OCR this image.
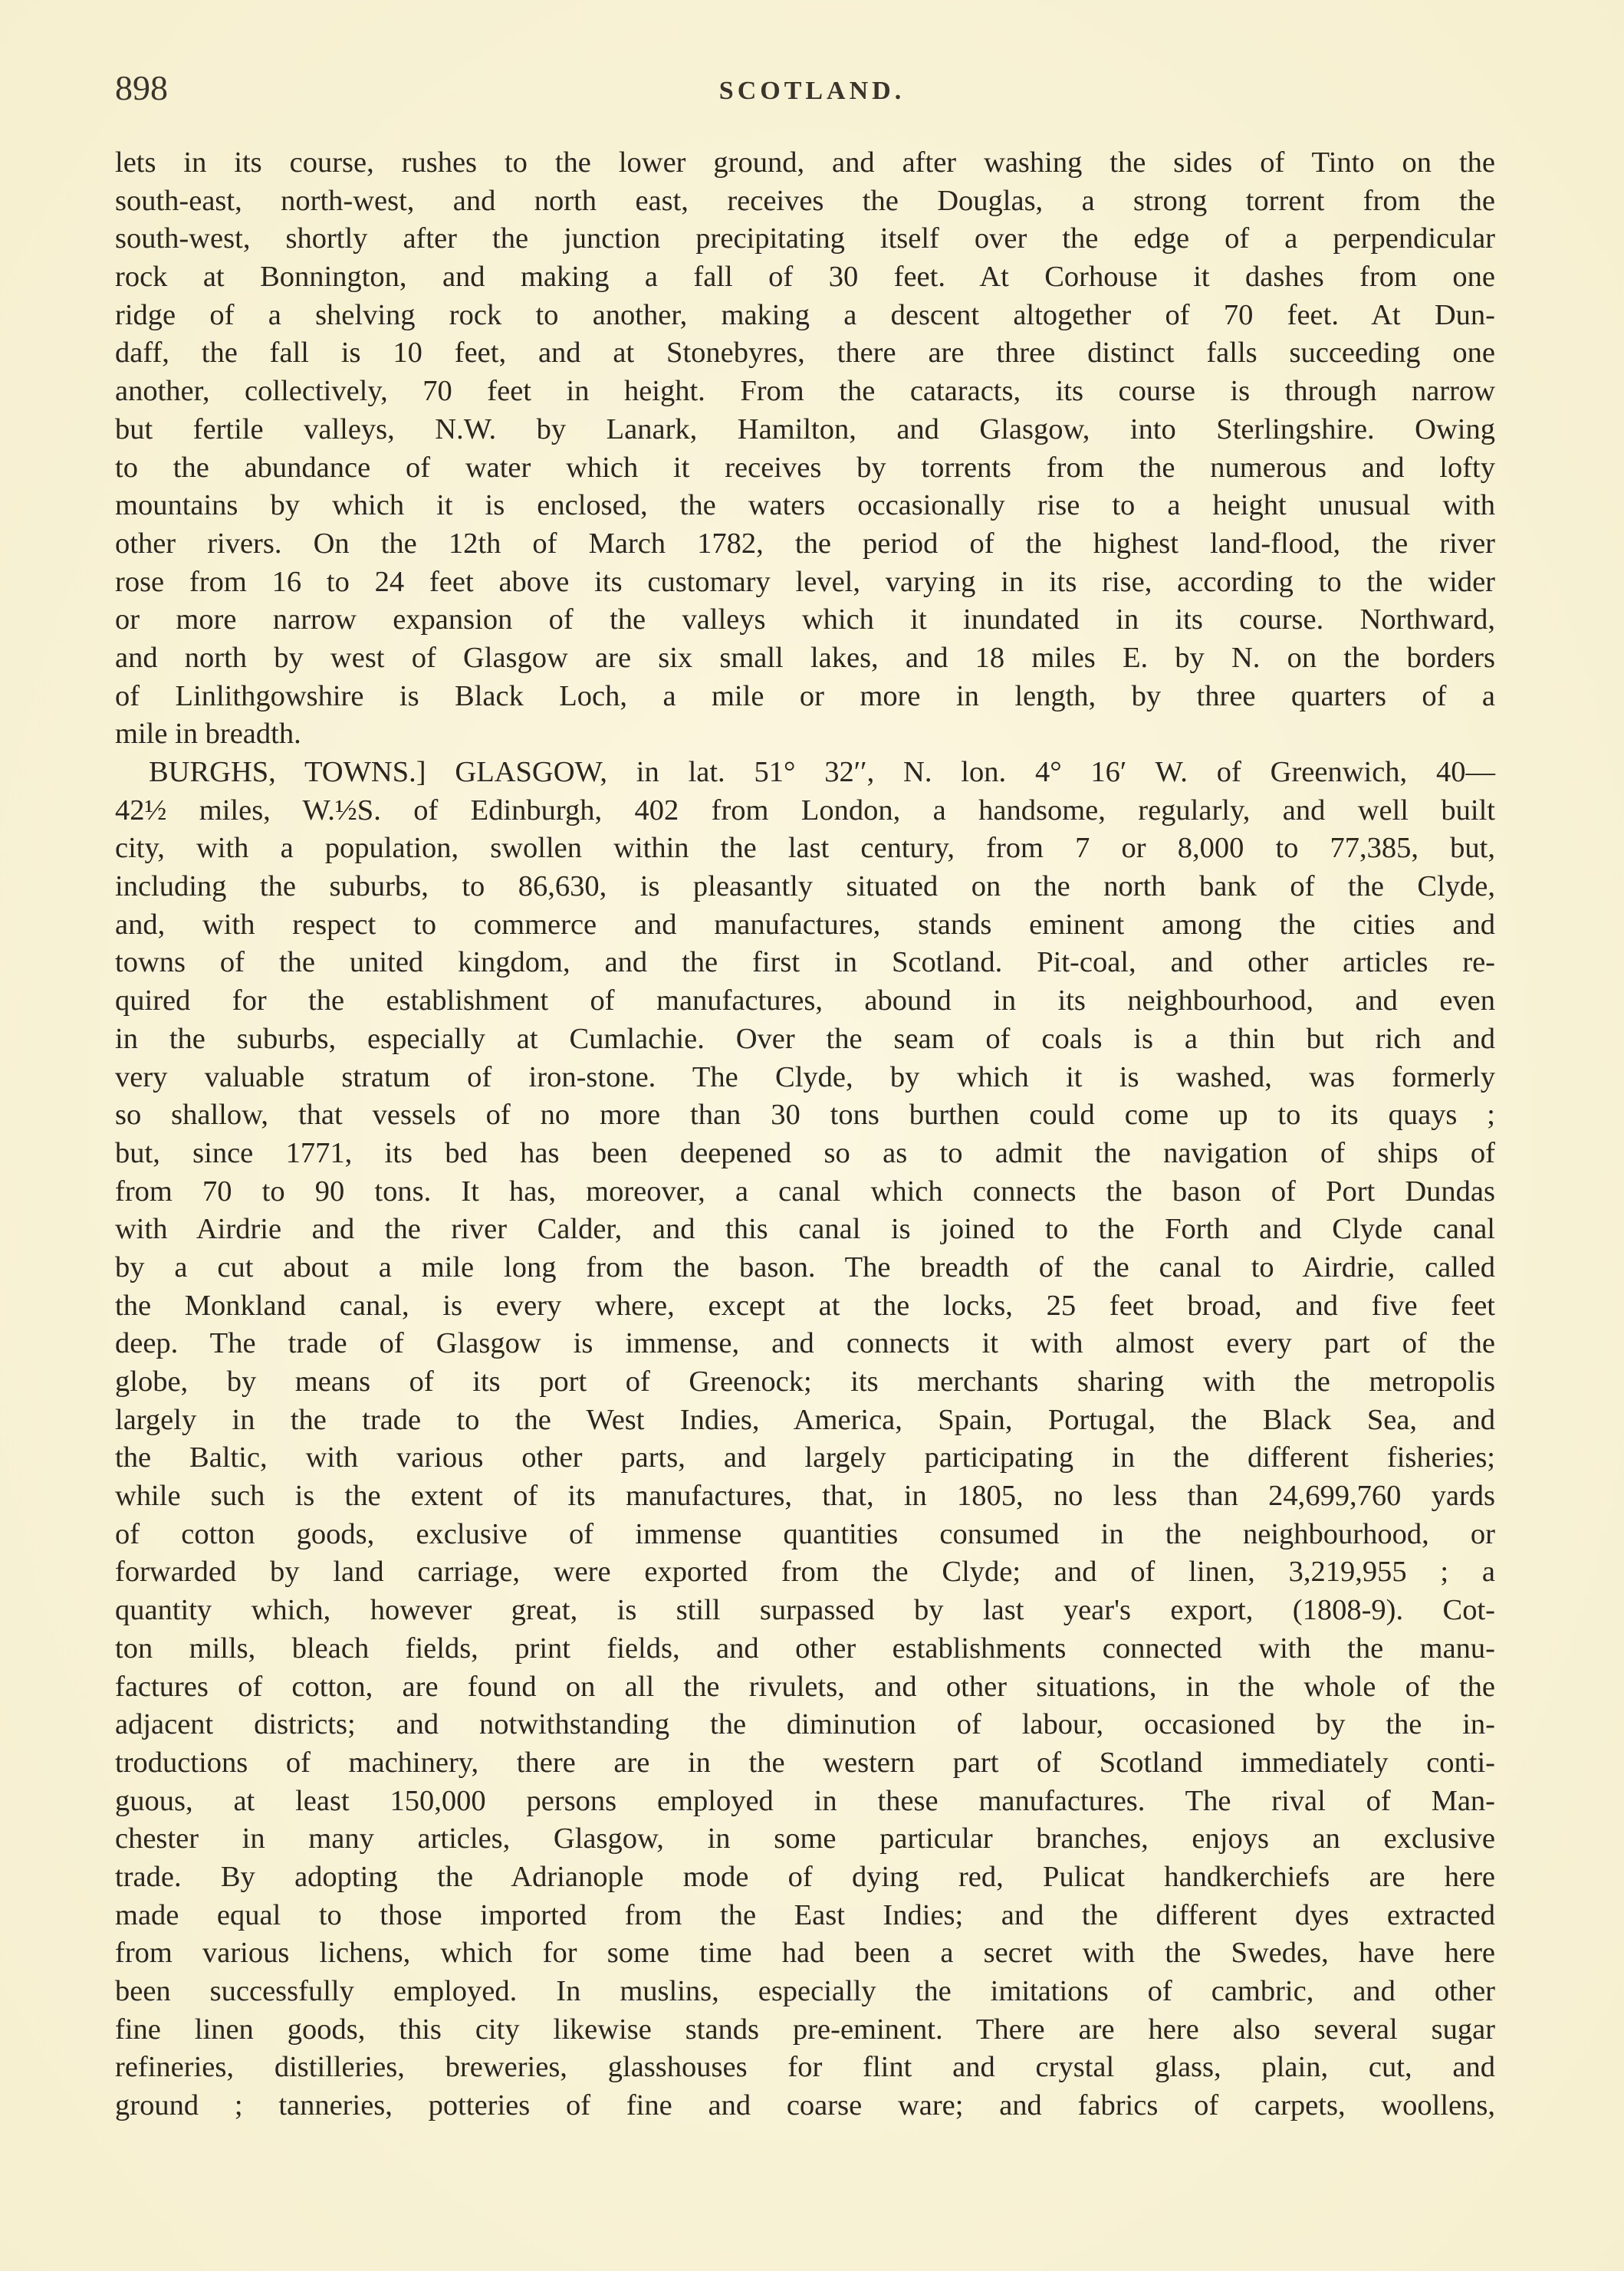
898	SCOTLAND.
lets in its course, rushes to the lower ground, and after washing the sides of Tinto on the
south-east, north-west, and north east, receives the Douglas, a strong torrent from the
south-west, shortly after the junction precipitating itself over the edge of a perpendicular
rock at Bonnington, and making a fall of 30 feet. At Corhouse it dashes from one
ridge of a shelving rock to another, making a descent altogether of 70 feet. At Dun-
daff, the fall is 10 feet, and at Stonebyres, there are three distinct falls succeeding one
another, collectively, 70 feet in height. From the cataracts, its course is through narrow
but fertile valleys, N.W. by Lanark, Hamilton, and Glasgow, into Sterlingshire. Owing
to the abundance of water which it receives by torrents from the numerous and lofty
mountains by which it is enclosed, the waters occasionally rise to a height unusual with
other rivers. On the 12th of March 1782, the period of the highest land-flood, the river
rose from 16 to 24 feet above its customary level, varying in its rise, according to the wider
or more narrow expansion of the valleys which it inundated in its course. Northward,
and north by west of Glasgow are six small lakes, and 18 miles E. by N. on the borders
of Linlithgowshire is Black Loch, a mile or more in length, by three quarters of a
mile in breadth.
BURGHS, TOWNS.] GLASGOW, in lat. 51° 32′′, N. lon. 4° 16′ W. of Greenwich, 40—
42½ miles, W.½S. of Edinburgh, 402 from London, a handsome, regularly, and well built
city, with a population, swollen within the last century, from 7 or 8,000 to 77,385, but,
including the suburbs, to 86,630, is pleasantly situated on the north bank of the Clyde,
and, with respect to commerce and manufactures, stands eminent among the cities and
towns of the united kingdom, and the first in Scotland. Pit-coal, and other articles re-
quired for the establishment of manufactures, abound in its neighbourhood, and even
in the suburbs, especially at Cumlachie. Over the seam of coals is a thin but rich and
very valuable stratum of iron-stone. The Clyde, by which it is washed, was formerly
so shallow, that vessels of no more than 30 tons burthen could come up to its quays ;
but, since 1771, its bed has been deepened so as to admit the navigation of ships of
from 70 to 90 tons. It has, moreover, a canal which connects the bason of Port Dundas
with Airdrie and the river Calder, and this canal is joined to the Forth and Clyde canal
by a cut about a mile long from the bason. The breadth of the canal to Airdrie, called
the Monkland canal, is every where, except at the locks, 25 feet broad, and five feet
deep. The trade of Glasgow is immense, and connects it with almost every part of the
globe, by means of its port of Greenock; its merchants sharing with the metropolis
largely in the trade to the West Indies, America, Spain, Portugal, the Black Sea, and
the Baltic, with various other parts, and largely participating in the different fisheries;
while such is the extent of its manufactures, that, in 1805, no less than 24,699,760 yards
of cotton goods, exclusive of immense quantities consumed in the neighbourhood, or
forwarded by land carriage, were exported from the Clyde; and of linen, 3,219,955 ; a
quantity which, however great, is still surpassed by last year's export, (1808-9). Cot-
ton mills, bleach fields, print fields, and other establishments connected with the manu-
factures of cotton, are found on all the rivulets, and other situations, in the whole of the
adjacent districts; and notwithstanding the diminution of labour, occasioned by the in-
troductions of machinery, there are in the western part of Scotland immediately conti-
guous, at least 150,000 persons employed in these manufactures. The rival of Man-
chester in many articles, Glasgow, in some particular branches, enjoys an exclusive
trade. By adopting the Adrianople mode of dying red, Pulicat handkerchiefs are here
made equal to those imported from the East Indies; and the different dyes extracted
from various lichens, which for some time had been a secret with the Swedes, have here
been successfully employed. In muslins, especially the imitations of cambric, and other
fine linen goods, this city likewise stands pre-eminent. There are here also several sugar
refineries, distilleries, breweries, glasshouses for flint and crystal glass, plain, cut, and
ground ; tanneries, potteries of fine and coarse ware; and fabrics of carpets, woollens,
